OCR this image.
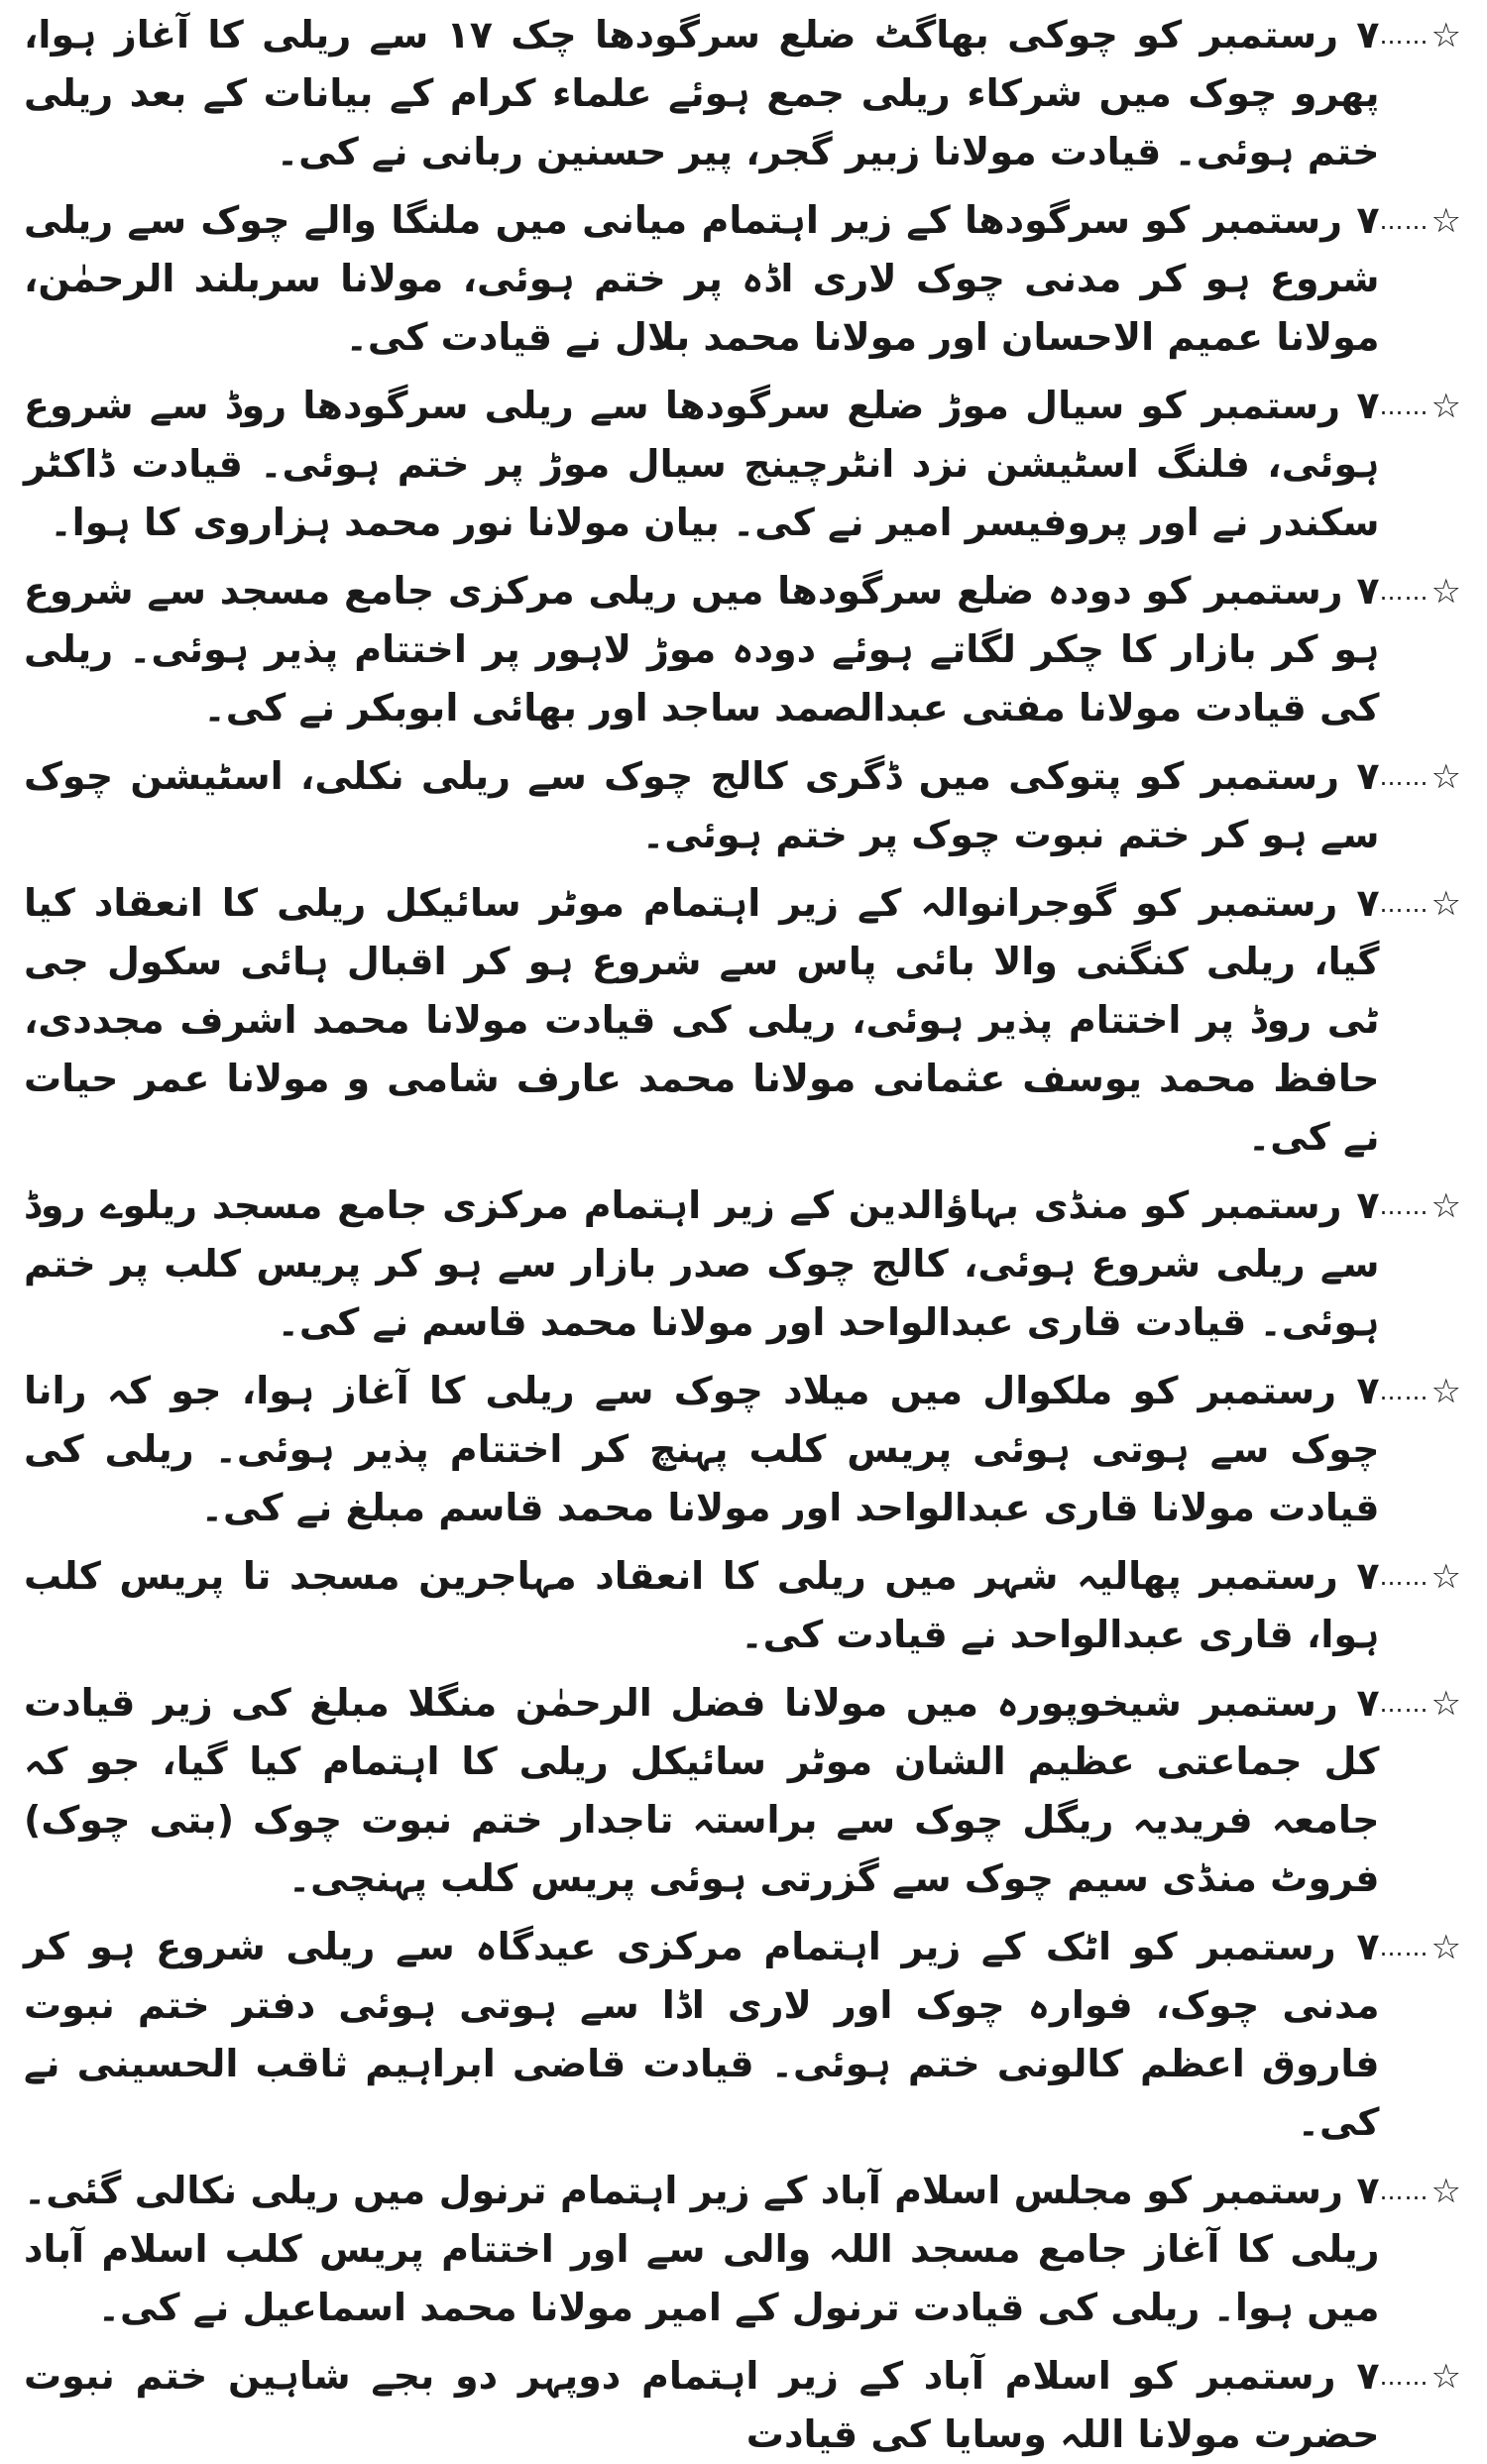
☆
……
۷ رستمبر کو چوکی بھاگٹ ضلع سرگودھا چک ۱۷ سے ریلی کا آغاز ہوا، پھرو چوک میں شرکاء ریلی جمع ہوئے علماء کرام کے بیانات کے بعد ریلی ختم ہوئی۔ قیادت مولانا زبیر گجر، پیر حسنین ربانی نے کی۔
☆
……
۷ رستمبر کو سرگودھا کے زیر اہتمام میانی میں ملنگا والے چوک سے ریلی شروع ہو کر مدنی چوک لاری اڈہ پر ختم ہوئی، مولانا سربلند الرحمٰن، مولانا عمیم الاحسان اور مولانا محمد بلال نے قیادت کی۔
☆
……
۷ رستمبر کو سیال موڑ ضلع سرگودھا سے ریلی سرگودھا روڈ سے شروع ہوئی، فلنگ اسٹیشن نزد انٹرچینج سیال موڑ پر ختم ہوئی۔ قیادت ڈاکٹر سکندر نے اور پروفیسر امیر نے کی۔ بیان مولانا نور محمد ہزاروی کا ہوا۔
☆
……
۷ رستمبر کو دودہ ضلع سرگودھا میں ریلی مرکزی جامع مسجد سے شروع ہو کر بازار کا چکر لگاتے ہوئے دودہ موڑ لاہور پر اختتام پذیر ہوئی۔ ریلی کی قیادت مولانا مفتی عبدالصمد ساجد اور بھائی ابوبکر نے کی۔
☆
……
۷ رستمبر کو پتوکی میں ڈگری کالج چوک سے ریلی نکلی، اسٹیشن چوک سے ہو کر ختم نبوت چوک پر ختم ہوئی۔
☆
……
۷ رستمبر کو گوجرانوالہ کے زیر اہتمام موٹر سائیکل ریلی کا انعقاد کیا گیا، ریلی کنگنی والا بائی پاس سے شروع ہو کر اقبال ہائی سکول جی ٹی روڈ پر اختتام پذیر ہوئی، ریلی کی قیادت مولانا محمد اشرف مجددی، حافظ محمد یوسف عثمانی مولانا محمد عارف شامی و مولانا عمر حیات نے کی۔
☆
……
۷ رستمبر کو منڈی بہاؤالدین کے زیر اہتمام مرکزی جامع مسجد ریلوے روڈ سے ریلی شروع ہوئی، کالج چوک صدر بازار سے ہو کر پریس کلب پر ختم ہوئی۔ قیادت قاری عبدالواحد اور مولانا محمد قاسم نے کی۔
☆
……
۷ رستمبر کو ملکوال میں میلاد چوک سے ریلی کا آغاز ہوا، جو کہ رانا چوک سے ہوتی ہوئی پریس کلب پہنچ کر اختتام پذیر ہوئی۔ ریلی کی قیادت مولانا قاری عبدالواحد اور مولانا محمد قاسم مبلغ نے کی۔
☆
……
۷ رستمبر پھالیہ شہر میں ریلی کا انعقاد مہاجرین مسجد تا پریس کلب ہوا، قاری عبدالواحد نے قیادت کی۔
☆
……
۷ رستمبر شیخوپورہ میں مولانا فضل الرحمٰن منگلا مبلغ کی زیر قیادت کل جماعتی عظیم الشان موٹر سائیکل ریلی کا اہتمام کیا گیا، جو کہ جامعہ فریدیہ ریگل چوک سے براستہ تاجدار ختم نبوت چوک (بتی چوک) فروٹ منڈی سیم چوک سے گزرتی ہوئی پریس کلب پہنچی۔
☆
……
۷ رستمبر کو اٹک کے زیر اہتمام مرکزی عیدگاہ سے ریلی شروع ہو کر مدنی چوک، فوارہ چوک اور لاری اڈا سے ہوتی ہوئی دفتر ختم نبوت فاروق اعظم کالونی ختم ہوئی۔ قیادت قاضی ابراہیم ثاقب الحسینی نے کی۔
☆
……
۷ رستمبر کو مجلس اسلام آباد کے زیر اہتمام ترنول میں ریلی نکالی گئی۔ ریلی کا آغاز جامع مسجد اللہ والی سے اور اختتام پریس کلب اسلام آباد میں ہوا۔ ریلی کی قیادت ترنول کے امیر مولانا محمد اسماعیل نے کی۔
☆
……
۷ رستمبر کو اسلام آباد کے زیر اہتمام دوپہر دو بجے شاہین ختم نبوت حضرت مولانا اللہ وسایا کی قیادت
